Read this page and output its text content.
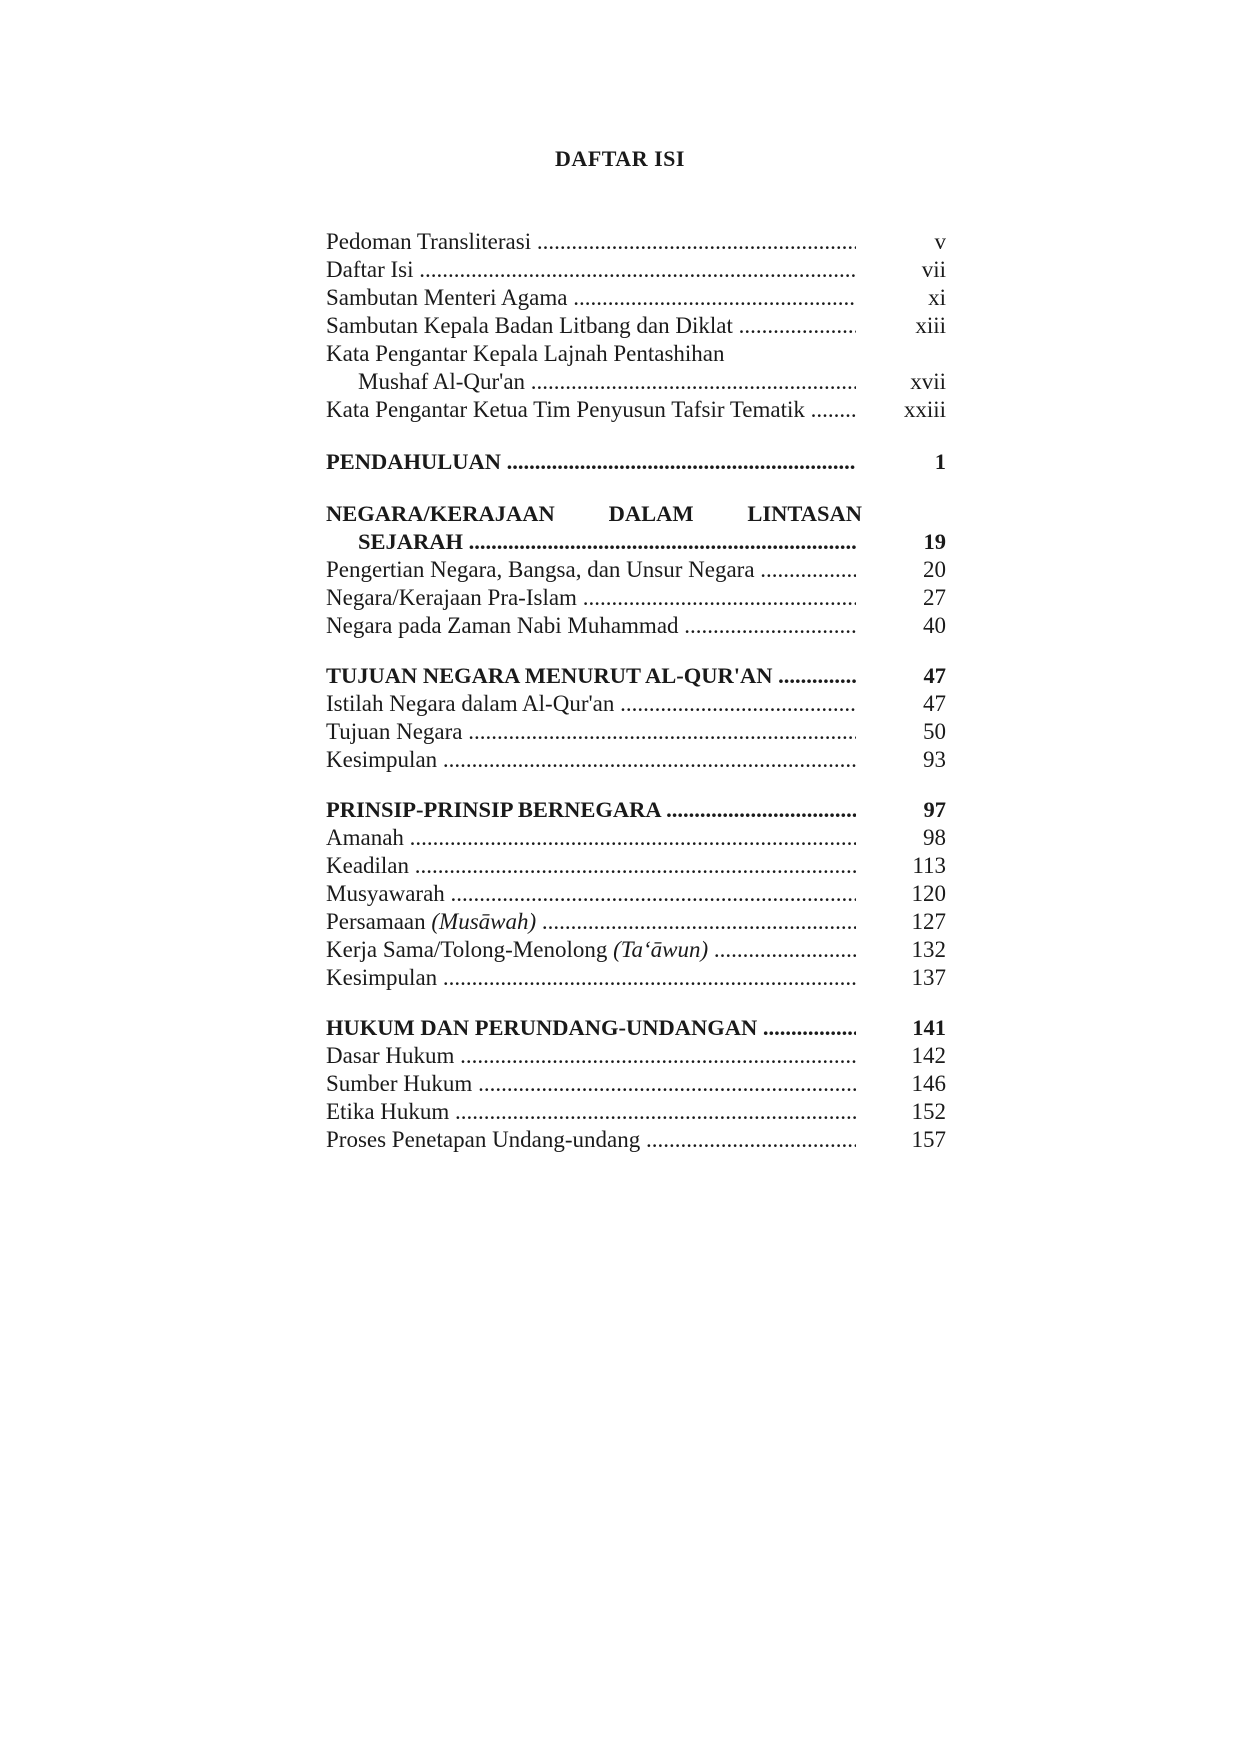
DAFTAR ISI
Pedoman Transliterasi .....	v
Daftar Isi .....	vii
Sambutan Menteri Agama .....	xi
Sambutan Kepala Badan Litbang dan Diklat .....	xiii
Kata Pengantar Kepala Lajnah Pentashihan
Mushaf Al-Qur'an .....	xvii
Kata Pengantar Ketua Tim Penyusun Tafsir Tematik .....	xxiii
PENDAHULUAN .....	1
NEGARA/KERAJAAN DALAM LINTASAN
SEJARAH .....	19
Pengertian Negara, Bangsa, dan Unsur Negara .....	20
Negara/Kerajaan Pra-Islam .....	27
Negara pada Zaman Nabi Muhammad .....	40
TUJUAN NEGARA MENURUT AL-QUR'AN .....	47
Istilah Negara dalam Al-Qur'an .....	47
Tujuan Negara .....	50
Kesimpulan .....	93
PRINSIP-PRINSIP BERNEGARA .....	97
Amanah .....	98
Keadilan .....	113
Musyawarah .....	120
Persamaan (Musāwah) .....	127
Kerja Sama/Tolong-Menolong (Ta‘āwun) .....	132
Kesimpulan .....	137
HUKUM DAN PERUNDANG-UNDANGAN .....	141
Dasar Hukum .....	142
Sumber Hukum .....	146
Etika Hukum .....	152
Proses Penetapan Undang-undang .....	157
